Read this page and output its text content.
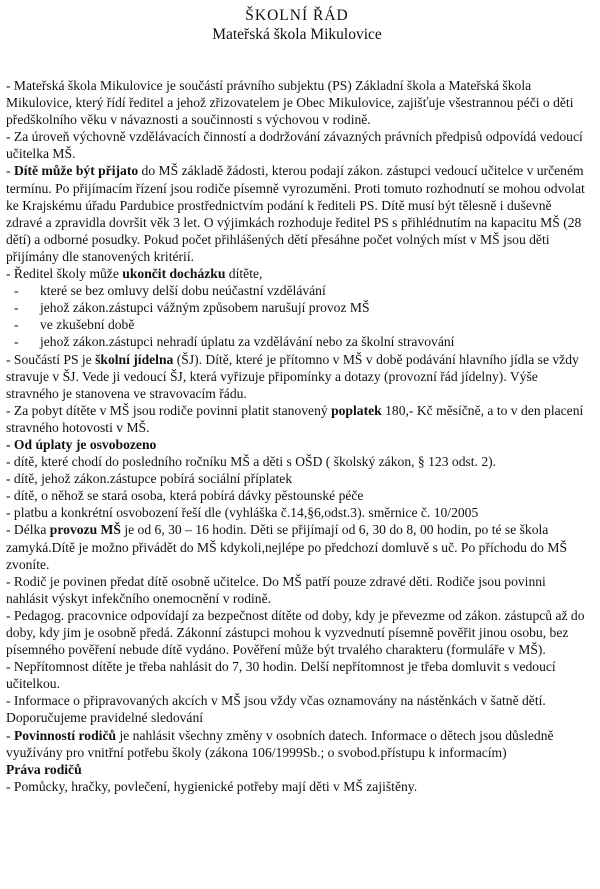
ŠKOLNÍ ŘÁD
Mateřská škola Mikulovice

- Mateřská škola Mikulovice je součástí právního subjektu (PS) Základní škola a Mateřská škola Mikulovice, který řídí ředitel a jehož zřizovatelem je Obec Mikulovice, zajišťuje všestrannou péči o děti předškolního věku v návaznosti a součinnosti s výchovou v rodině.

- Za úroveň výchovně vzdělávacích činností a dodržování závazných právních předpisů odpovídá vedoucí učitelka MŠ.

- Dítě může být přijato do MŠ základě žádosti, kterou podají zákon. zástupci vedoucí učitelce v určeném termínu. Po přijímacím řízení jsou rodiče písemně vyrozuměni. Proti tomuto rozhodnutí se mohou odvolat ke Krajskému úřadu Pardubice prostřednictvím podání k řediteli PS. Dítě musí být tělesně i duševně zdravé a zpravidla dovršit věk 3 let. O výjimkách rozhoduje ředitel PS s přihlédnutím na kapacitu MŠ (28 dětí) a odborné posudky. Pokud počet přihlášených dětí přesáhne počet volných míst v MŠ jsou děti přijímány dle stanovených kritérií.

- Ředitel školy může ukončit docházku dítěte,

- které se bez omluvy delší dobu neúčastní vzdělávání
- jehož zákon.zástupci vážným způsobem narušují provoz MŠ
- ve zkušební době
- jehož zákon.zástupci nehradí úplatu za vzdělávání nebo za školní stravování

- Součástí PS je školní jídelna (ŠJ). Dítě, které je přítomno v MŠ v době podávání hlavního jídla se vždy stravuje v ŠJ. Vede ji vedoucí ŠJ, která vyřizuje připomínky a dotazy (provozní řád jídelny). Výše stravného je stanovena ve stravovacím řádu.

- Za pobyt dítěte v MŠ jsou rodiče povinni platit stanovený poplatek 180,- Kč měsíčně, a to v den placení stravného hotovosti v MŠ.

- Od úplaty je osvobozeno

- dítě, které chodí do posledního ročníku MŠ a děti s OŠD ( školský zákon, § 123 odst. 2).
- dítě, jehož zákon.zástupce pobírá sociální příplatek
- dítě, o něhož se stará osoba, která pobírá dávky pěstounské péče
- platbu a konkrétní osvobození řeší dle (vyhláška č.14,§6,odst.3). směrnice č. 10/2005

- Délka provozu MŠ je od 6, 30 – 16 hodin. Děti se přijímají od 6, 30 do 8, 00 hodin, po té se škola zamyká.Dítě je možno přivádět do MŠ kdykoli,nejlépe po předchozí domluvě s uč. Po příchodu do MŠ zvoníte.

- Rodič je povinen předat dítě osobně učitelce. Do MŠ patří pouze zdravé děti. Rodiče jsou povinni nahlásit výskyt infekčního onemocnění v rodině.

- Pedagog. pracovnice odpovídají za bezpečnost dítěte od doby, kdy je převezme od zákon. zástupců až do doby, kdy jim je osobně předá. Zákonní zástupci mohou k vyzvednutí písemně pověřit jinou osobu, bez písemného pověření nebude dítě vydáno. Pověření může být trvalého charakteru (formuláře v MŠ).

- Nepřítomnost dítěte je třeba nahlásit do 7, 30 hodin. Delší nepřítomnost je třeba domluvit s vedoucí učitelkou.

- Informace o připravovaných akcích v MŠ jsou vždy včas oznamovány na nástěnkách v šatně dětí. Doporučujeme pravidelné sledování

- Povinností rodičů je nahlásit všechny změny v osobních datech. Informace o dětech jsou důsledně využívány pro vnitřní potřebu školy (zákona 106/1999Sb.; o svobod.přístupu k informacím)

Práva rodičů

- Pomůcky, hračky, povlečení, hygienické potřeby mají děti v MŠ zajištěny.
